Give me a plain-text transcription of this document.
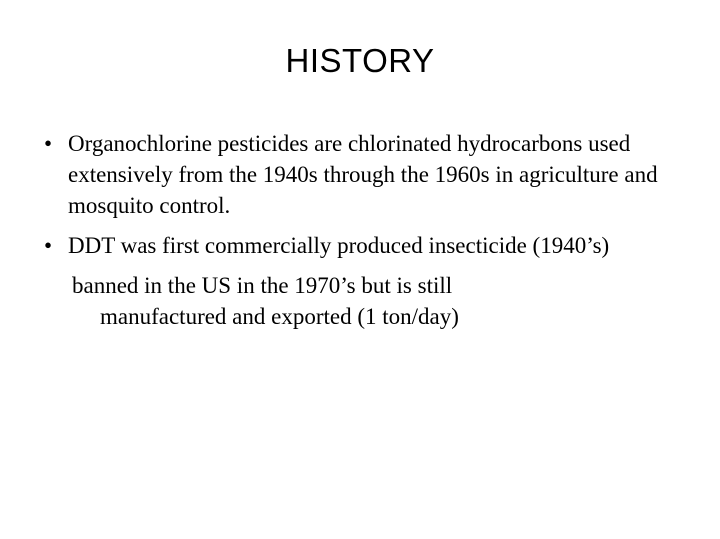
HISTORY
• Organochlorine pesticides are chlorinated hydrocarbons used extensively from the 1940s through the 1960s in agriculture and mosquito control.
• DDT was first commercially produced insecticide (1940’s)
banned in the US in the 1970’s but is still
manufactured and exported (1 ton/day)
